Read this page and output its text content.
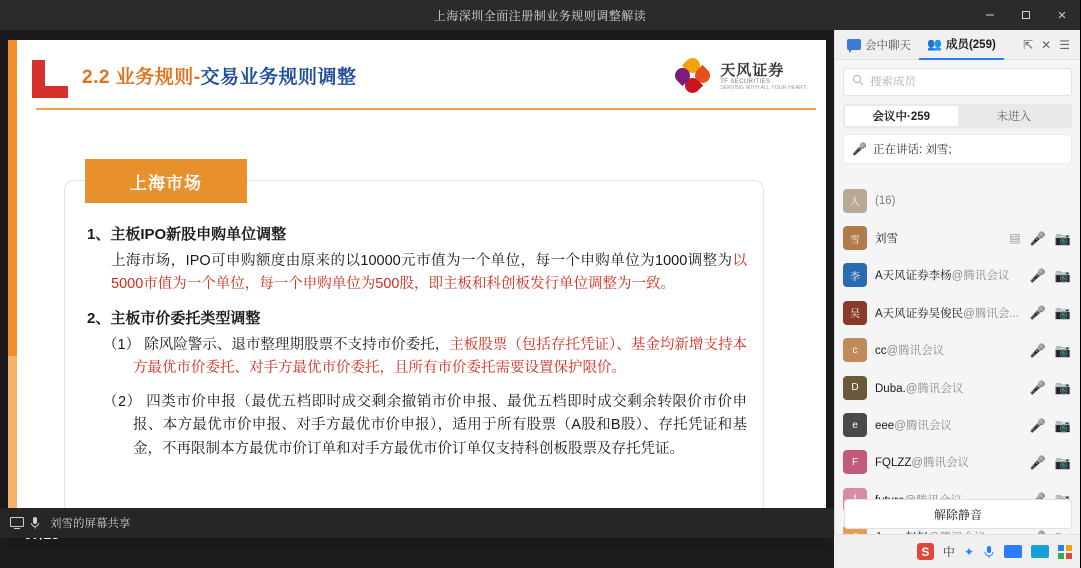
上海深圳全面注册制业务规则调整解读
2.2 业务规则-交易业务规则调整	天风证券
TF SECURITIES
SERVING WITH ALL YOUR HEART
上海市场
1、主板IPO新股申购单位调整
上海市场，IPO可申购额度由原来的以10000元市值为一个单位，每一个申购单位为1000调整为以5000市值为一个单位，每一个申购单位为500股，即主板和科创板发行单位调整为一致。
2、主板市价委托类型调整
（1） 除风险警示、退市整理期股票不支持市价委托，主板股票（包括存托凭证）、基金均新增支持本方最优市价委托、对手方最优市价委托，且所有市价委托需要设置保护限价。
（2） 四类市价申报（最优五档即时成交剩余撤销市价申报、最优五档即时成交剩余转限价市价申报、本方最优市价申报、对手方最优市价申报），适用于所有股票（A股和B股）、存托凭证和基金，不再限制本方最优市价订单和对手方最优市价订单仅支持科创板股票及存托凭证。
刘雪的屏幕共享
会中聊天 👥 成员(259) ⇱ ✕ ☰
搜索成员
会议中·259	未进入
🎤 正在讲话: 刘雪;
人	(16)
雪	刘雪	▤ 🎤 📷
李	A天风证券李杨@腾讯会议	🎤 📷
吴	A天风证券吴俊民@腾讯会... 🎤 📷
c	cc@腾讯会议	🎤 📷
D	Duba.@腾讯会议	🎤 📷
e	eee@腾讯会议	🎤 📷
F	FQLZZ@腾讯会议	🎤 📷
解除静音
S	中 ✦
